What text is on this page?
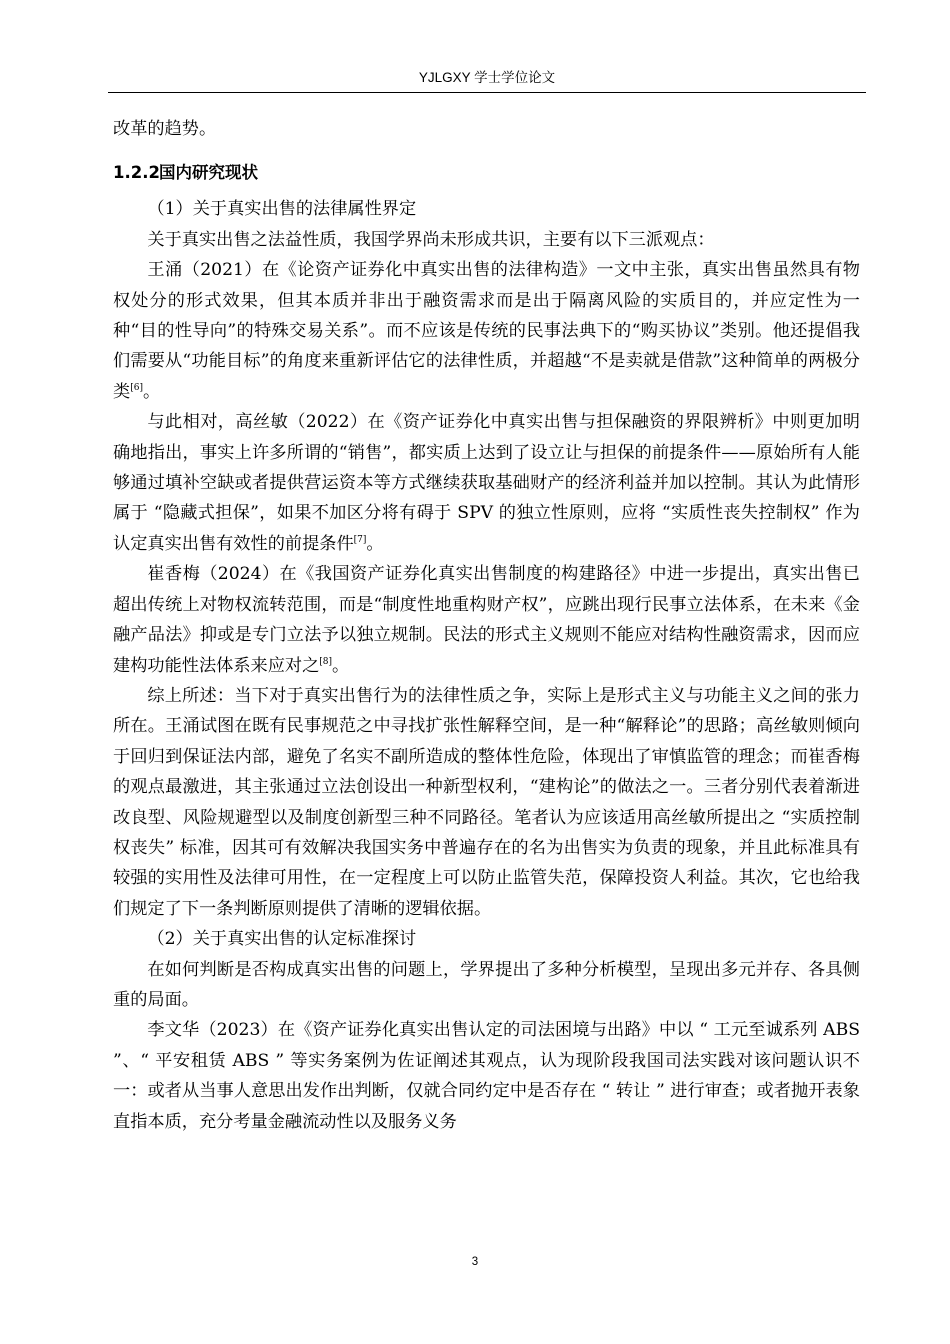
YJLGXY 学士学位论文

改革的趋势。

1.2.2国内研究现状

（1）关于真实出售的法律属性界定

关于真实出售之法益性质，我国学界尚未形成共识，主要有以下三派观点：

王涌（2021）在《论资产证券化中真实出售的法律构造》一文中主张，真实出售虽然具有物权处分的形式效果，但其本质并非出于融资需求而是出于隔离风险的实质目的，并应定性为一种“目的性导向”的特殊交易关系”。而不应该是传统的民事法典下的“购买协议”类别。他还提倡我们需要从“功能目标”的角度来重新评估它的法律性质，并超越“不是卖就是借款”这种简单的两极分类[6]。

与此相对，高丝敏（2022）在《资产证券化中真实出售与担保融资的界限辨析》中则更加明确地指出，事实上许多所谓的“销售”，都实质上达到了设立让与担保的前提条件——原始所有人能够通过填补空缺或者提供营运资本等方式继续获取基础财产的经济利益并加以控制。其认为此情形属于 “隐藏式担保”，如果不加区分将有碍于 SPV 的独立性原则，应将 “实质性丧失控制权” 作为认定真实出售有效性的前提条件[7]。

崔香梅（2024）在《我国资产证券化真实出售制度的构建路径》中进一步提出，真实出售已超出传统上对物权流转范围，而是“制度性地重构财产权”，应跳出现行民事立法体系，在未来《金融产品法》抑或是专门立法予以独立规制。民法的形式主义规则不能应对结构性融资需求，因而应建构功能性法体系来应对之[8]。

综上所述：当下对于真实出售行为的法律性质之争，实际上是形式主义与功能主义之间的张力所在。王涌试图在既有民事规范之中寻找扩张性解释空间，是一种“解释论”的思路；高丝敏则倾向于回归到保证法内部，避免了名实不副所造成的整体性危险，体现出了审慎监管的理念；而崔香梅的观点最激进，其主张通过立法创设出一种新型权利，“建构论”的做法之一。三者分别代表着渐进改良型、风险规避型以及制度创新型三种不同路径。笔者认为应该适用高丝敏所提出之 “实质控制权丧失” 标准，因其可有效解决我国实务中普遍存在的名为出售实为负责的现象，并且此标准具有较强的实用性及法律可用性，在一定程度上可以防止监管失范，保障投资人利益。其次，它也给我们规定了下一条判断原则提供了清晰的逻辑依据。

（2）关于真实出售的认定标准探讨

在如何判断是否构成真实出售的问题上，学界提出了多种分析模型，呈现出多元并存、各具侧重的局面。

李文华（2023）在《资产证券化真实出售认定的司法困境与出路》中以 “ 工元至诚系列 ABS ”、“ 平安租赁 ABS ” 等实务案例为佐证阐述其观点，认为现阶段我国司法实践对该问题认识不一：或者从当事人意思出发作出判断，仅就合同约定中是否存在 “ 转让 ” 进行审查；或者抛开表象直指本质，充分考量金融流动性以及服务义务

3
